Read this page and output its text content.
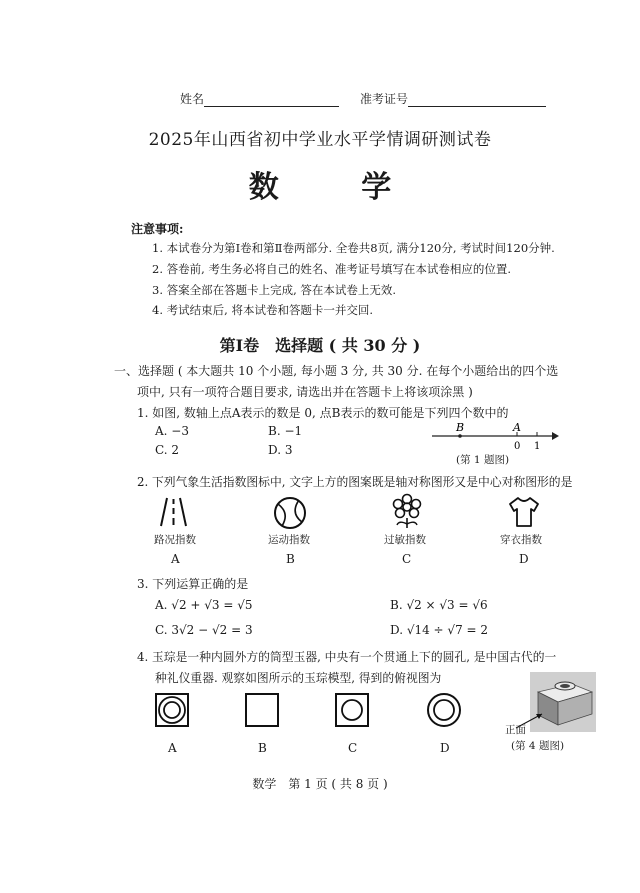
姓名	准考证号
2025年山西省初中学业水平学情调研测试卷
数 学
注意事项:
1. 本试卷分为第Ⅰ卷和第Ⅱ卷两部分. 全卷共8页, 满分120分, 考试时间120分钟.
2. 答卷前, 考生务必将自己的姓名、准考证号填写在本试卷相应的位置.
3. 答案全部在答题卡上完成, 答在本试卷上无效.
4. 考试结束后, 将本试卷和答题卡一并交回.
第Ⅰ卷　选择题 ( 共 30 分 )
一、选择题 ( 本大题共 10 个小题, 每小题 3 分, 共 30 分. 在每个小题给出的四个选
项中, 只有一项符合题目要求, 请选出并在答题卡上将该项涂黑 )
1. 如图, 数轴上点A表示的数是 0, 点B表示的数可能是下列四个数中的
A. −3	B. −1
C. 2	D. 3
B	A
0 1
(第 1 题图)
2. 下列气象生活指数图标中, 文字上方的图案既是轴对称图形又是中心对称图形的是
路况指数	运动指数	过敏指数	穿衣指数
A	B	C	D
3. 下列运算正确的是
A. √2 + √3 = √5	B. √2 × √3 = √6
C. 3√2 − √2 = 3	D. √14 ÷ √7 = 2
4. 玉琮是一种内圆外方的筒型玉器, 中央有一个贯通上下的圆孔, 是中国古代的一
种礼仪重器. 观察如图所示的玉琮模型, 得到的俯视图为
正面
(第 4 题图)
A	B	C	D
数学　第 1 页 ( 共 8 页 )
